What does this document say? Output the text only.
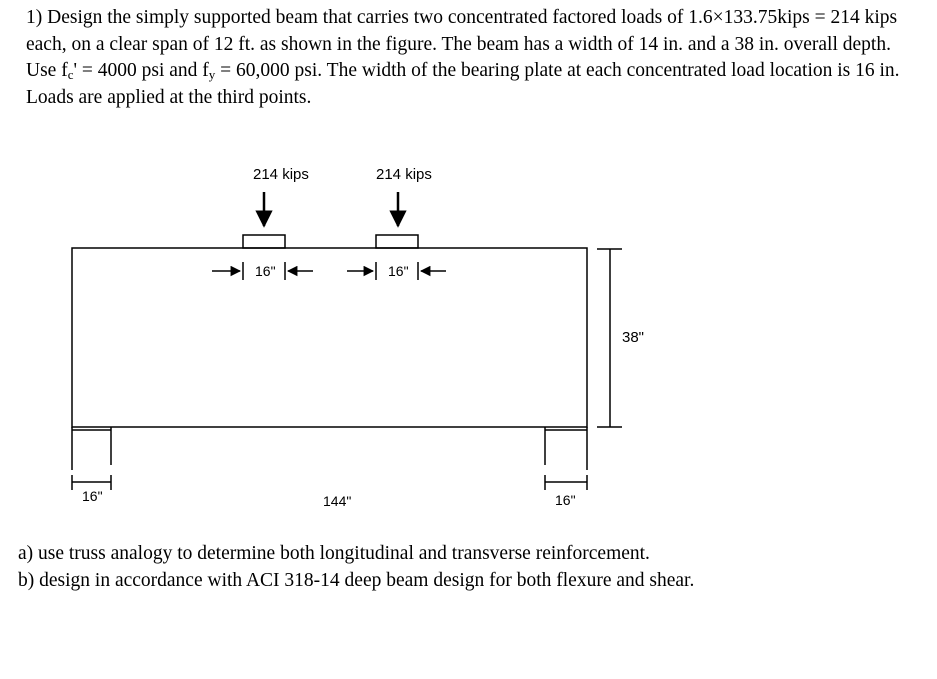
1) Design the simply supported beam that carries two concentrated factored loads of 1.6×133.75kips = 214 kips each, on a clear span of 12 ft. as shown in the figure. The beam has a width of 14 in. and a 38 in. overall depth. Use $f_c' = 4000$ psi and $f_y = 60,000$ psi. The width of the bearing plate at each concentrated load location is 16 in. Loads are applied at the third points.

214 kips	214 kips
16"	16"
38"
16"	144"	16"

a) use truss analogy to determine both longitudinal and transverse reinforcement.

b) design in accordance with ACI 318-14 deep beam design for both flexure and shear.
